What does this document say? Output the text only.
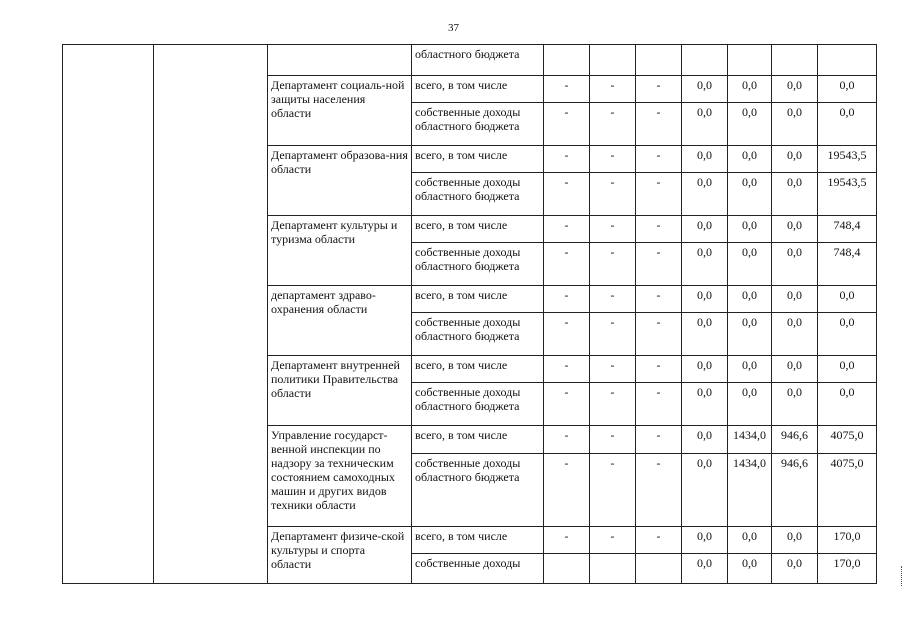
37
			областного бюджета							
		Департамент социаль-ной защиты населения области	всего, в том числе	-	-	-	0,0	0,0	0,0	0,0
			собственные доходы областного бюджета	-	-	-	0,0	0,0	0,0	0,0
		Департамент образова-ния области	всего, в том числе	-	-	-	0,0	0,0	0,0	19543,5
			собственные доходы областного бюджета	-	-	-	0,0	0,0	0,0	19543,5
		Департамент культуры и туризма области	всего, в том числе	-	-	-	0,0	0,0	0,0	748,4
			собственные доходы областного бюджета	-	-	-	0,0	0,0	0,0	748,4
		департамент здраво-охранения области	всего, в том числе	-	-	-	0,0	0,0	0,0	0,0
			собственные доходы областного бюджета	-	-	-	0,0	0,0	0,0	0,0
		Департамент внутренней политики Правительства области	всего, в том числе	-	-	-	0,0	0,0	0,0	0,0
			собственные доходы областного бюджета	-	-	-	0,0	0,0	0,0	0,0
		Управление государст-венной инспекции по надзору за техническим состоянием самоходных машин и других видов техники области	всего, в том числе	-	-	-	0,0	1434,0	946,6	4075,0
			собственные доходы областного бюджета	-	-	-	0,0	1434,0	946,6	4075,0
		Департамент физиче-ской культуры и спорта области	всего, в том числе	-	-	-	0,0	0,0	0,0	170,0
			собственные доходы				0,0	0,0	0,0	170,0
